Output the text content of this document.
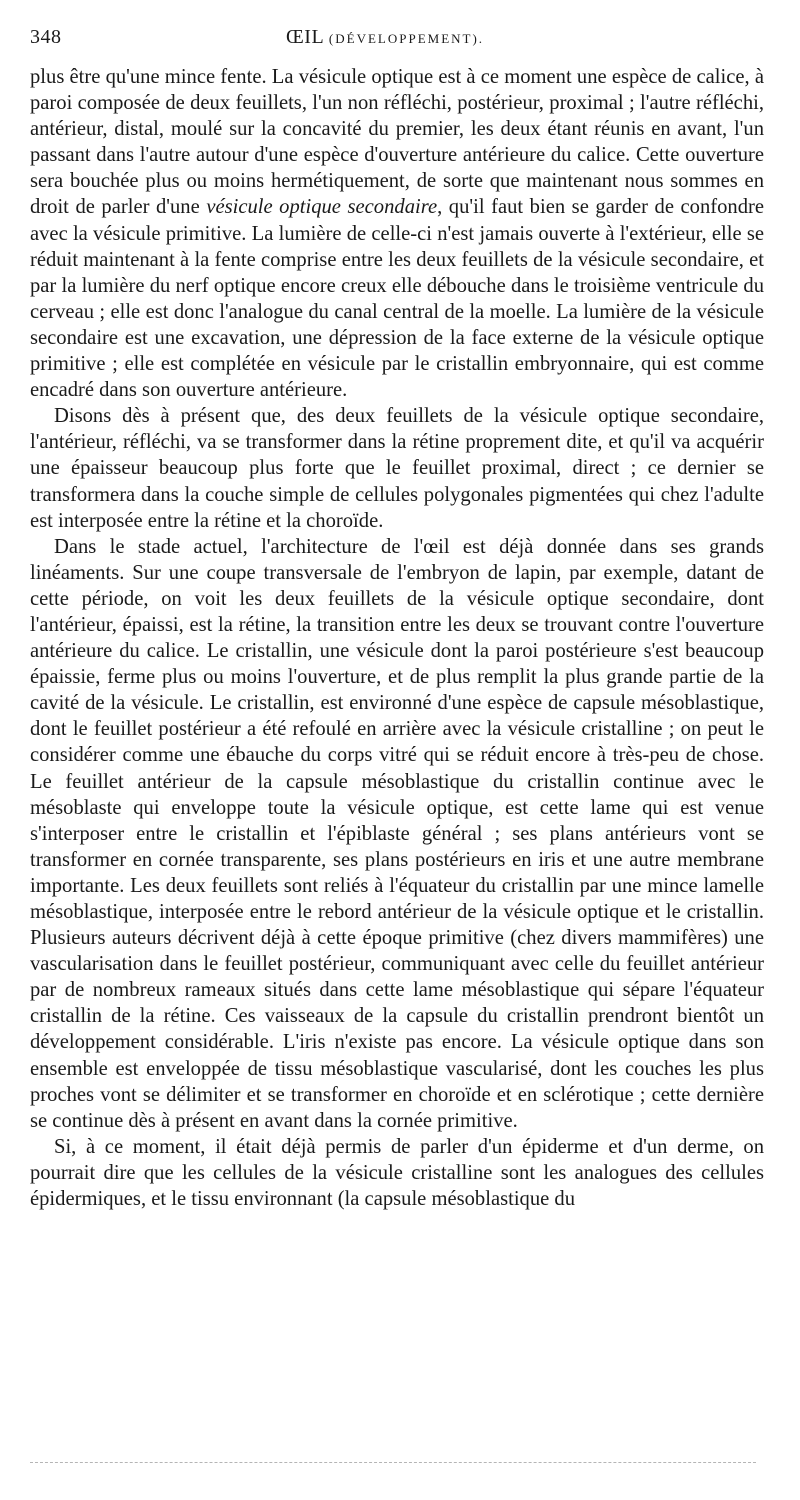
348	ŒIL (DÉVELOPPEMENT).

plus être qu'une mince fente. La vésicule optique est à ce moment une espèce de calice, à paroi composée de deux feuillets, l'un non réfléchi, postérieur, proximal ; l'autre réfléchi, antérieur, distal, moulé sur la concavité du premier, les deux étant réunis en avant, l'un passant dans l'autre autour d'une espèce d'ouverture antérieure du calice. Cette ouverture sera bouchée plus ou moins hermétiquement, de sorte que maintenant nous sommes en droit de parler d'une vésicule optique secondaire, qu'il faut bien se garder de confondre avec la vésicule primitive. La lumière de celle-ci n'est jamais ouverte à l'extérieur, elle se réduit maintenant à la fente comprise entre les deux feuillets de la vésicule secondaire, et par la lumière du nerf optique encore creux elle débouche dans le troisième ventricule du cerveau ; elle est donc l'analogue du canal central de la moelle. La lumière de la vésicule secondaire est une excavation, une dépression de la face externe de la vésicule optique primitive ; elle est complétée en vésicule par le cristallin embryonnaire, qui est comme encadré dans son ouverture antérieure.

Disons dès à présent que, des deux feuillets de la vésicule optique secondaire, l'antérieur, réfléchi, va se transformer dans la rétine proprement dite, et qu'il va acquérir une épaisseur beaucoup plus forte que le feuillet proximal, direct ; ce dernier se transformera dans la couche simple de cellules polygonales pigmentées qui chez l'adulte est interposée entre la rétine et la choroïde.

Dans le stade actuel, l'architecture de l'œil est déjà donnée dans ses grands linéaments. Sur une coupe transversale de l'embryon de lapin, par exemple, datant de cette période, on voit les deux feuillets de la vésicule optique secondaire, dont l'antérieur, épaissi, est la rétine, la transition entre les deux se trouvant contre l'ouverture antérieure du calice. Le cristallin, une vésicule dont la paroi postérieure s'est beaucoup épaissie, ferme plus ou moins l'ouverture, et de plus remplit la plus grande partie de la cavité de la vésicule. Le cristallin, est environné d'une espèce de capsule mésoblastique, dont le feuillet postérieur a été refoulé en arrière avec la vésicule cristalline ; on peut le considérer comme une ébauche du corps vitré qui se réduit encore à très-peu de chose. Le feuillet antérieur de la capsule mésoblastique du cristallin continue avec le mésoblaste qui enveloppe toute la vésicule optique, est cette lame qui est venue s'interposer entre le cristallin et l'épiblaste général ; ses plans antérieurs vont se transformer en cornée transparente, ses plans postérieurs en iris et une autre membrane importante. Les deux feuillets sont reliés à l'équateur du cristallin par une mince lamelle mésoblastique, interposée entre le rebord antérieur de la vésicule optique et le cristallin. Plusieurs auteurs décrivent déjà à cette époque primitive (chez divers mammifères) une vascularisation dans le feuillet postérieur, communiquant avec celle du feuillet antérieur par de nombreux rameaux situés dans cette lame mésoblastique qui sépare l'équateur cristallin de la rétine. Ces vaisseaux de la capsule du cristallin prendront bientôt un développement considérable. L'iris n'existe pas encore. La vésicule optique dans son ensemble est enveloppée de tissu mésoblastique vascularisé, dont les couches les plus proches vont se délimiter et se transformer en choroïde et en sclérotique ; cette dernière se continue dès à présent en avant dans la cornée primitive.

Si, à ce moment, il était déjà permis de parler d'un épiderme et d'un derme, on pourrait dire que les cellules de la vésicule cristalline sont les analogues des cellules épidermiques, et le tissu environnant (la capsule mésoblastique du
